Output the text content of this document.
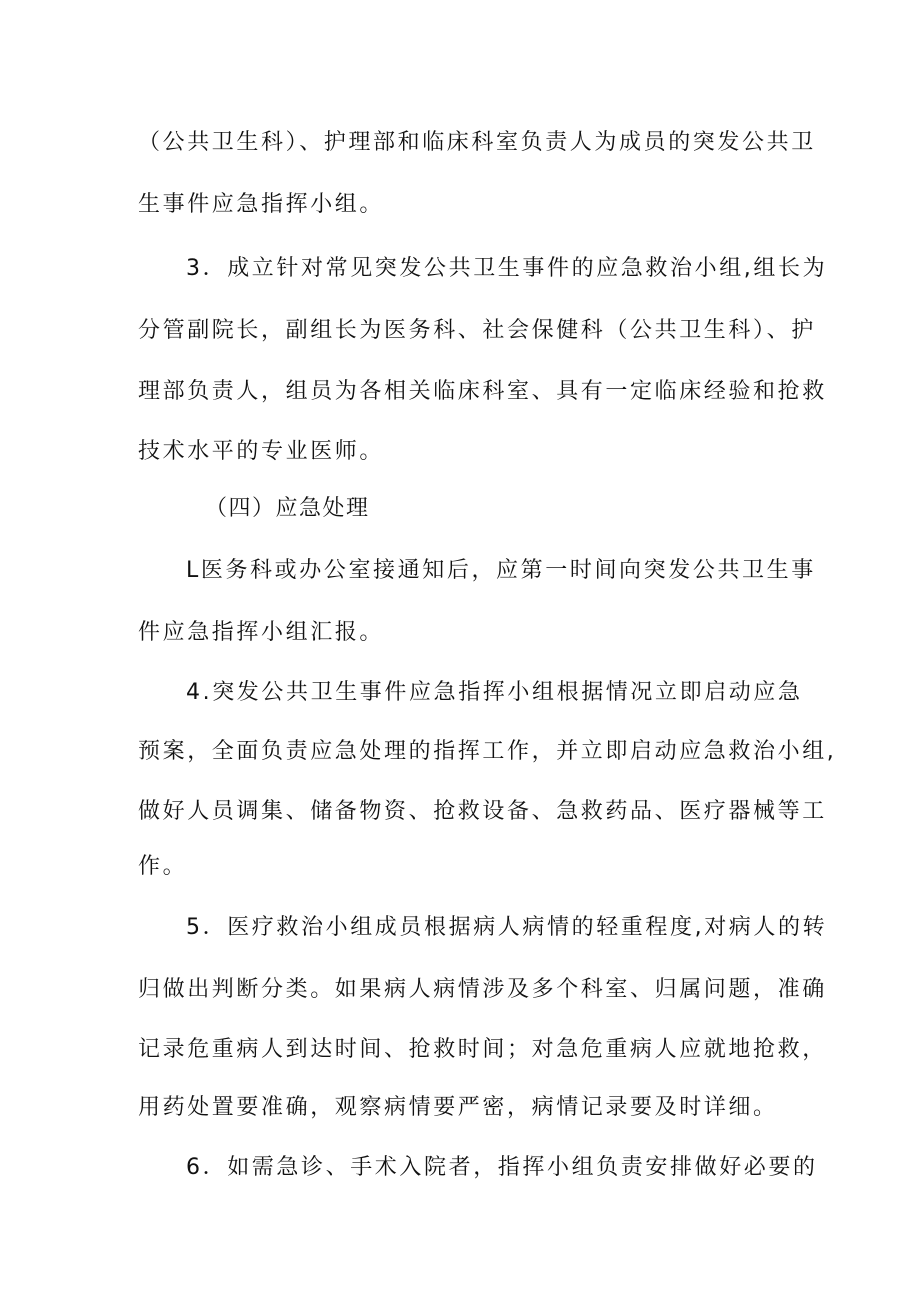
（公共卫生科）、护理部和临床科室负责人为成员的突发公共卫

生事件应急指挥小组。

3．成立针对常见突发公共卫生事件的应急救治小组,组长为

分管副院长，副组长为医务科、社会保健科（公共卫生科）、护

理部负责人，组员为各相关临床科室、具有一定临床经验和抢救

技术水平的专业医师。

（四）应急处理

L医务科或办公室接通知后，应第一时间向突发公共卫生事

件应急指挥小组汇报。

4.突发公共卫生事件应急指挥小组根据情况立即启动应急

预案，全面负责应急处理的指挥工作，并立即启动应急救治小组,

做好人员调集、储备物资、抢救设备、急救药品、医疗器械等工

作。

5．医疗救治小组成员根据病人病情的轻重程度,对病人的转

归做出判断分类。如果病人病情涉及多个科室、归属问题，准确

记录危重病人到达时间、抢救时间；对急危重病人应就地抢救，

用药处置要准确，观察病情要严密，病情记录要及时详细。

6．如需急诊、手术入院者，指挥小组负责安排做好必要的
